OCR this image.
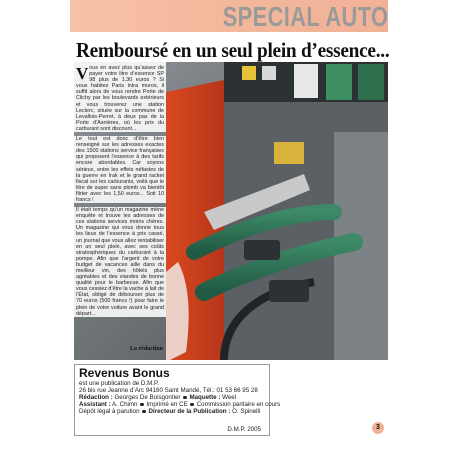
SPECIAL AUTO
Remboursé en un seul plein d’essence...

Vous en avez plus qu’assez de payer votre litre d’essence SP 98 plus de 1,30 euros ? Si vous habitez Paris intra muros, il suffit alors de vous rendre Porte de Clichy par les boulevards extérieurs et vous trouverez une station Leclerc, située sur la commune de Levallois-Perret, à deux pas de la Porte d’Asnières, où les prix du carburant sont discount...

Le tout est donc d’être bien renseigné sur les adresses exactes des 1500 stations service françaises qui proposent l’essence à des tarifs encore abordables. Car soyons sérieux, entre les effets néfastes de la guerre en Irak et le grand racket fiscal sur les carburants, voilà que le litre de super sans plomb va bientôt flirter avec les 1,50 euros... Soit 10 francs !

Il était temps qu’un magazine mène enquête et trouve les adresses de ces stations services moins chères. Un magazine qui vous donne tous les lieux de l’essence à prix cassé, un journal que vous allez rentabiliser en un seul plein, avec ses coûts stratosphériques du carburant à la pompe. Afin que l’argent de votre budget de vacances aille dans du meilleur vin, des hôtels plus agréables et des viandes de bonne qualité pour le barbecue. Afin que vous cessiez d’être la vache à lait de l’État, obligé de débourser plus de 70 euros (500 francs !) pour faire le plein de votre voiture avant le grand départ...

La rédaction
Revenus Bonus
est une publication de D.M.P.
26 bis rue Jeanne d’Arc 94160 Saint Mandé, Tél.: 01 53 66 95 28
Rédaction : Georges De Boisgontier Maquette : Weel
Assistant : A. Chimn Imprimé en CE Commission paritaire en cours
Dépôt légal à parution Directeur de la Publication : O. Spinelli
D.M.P. 2005	3
